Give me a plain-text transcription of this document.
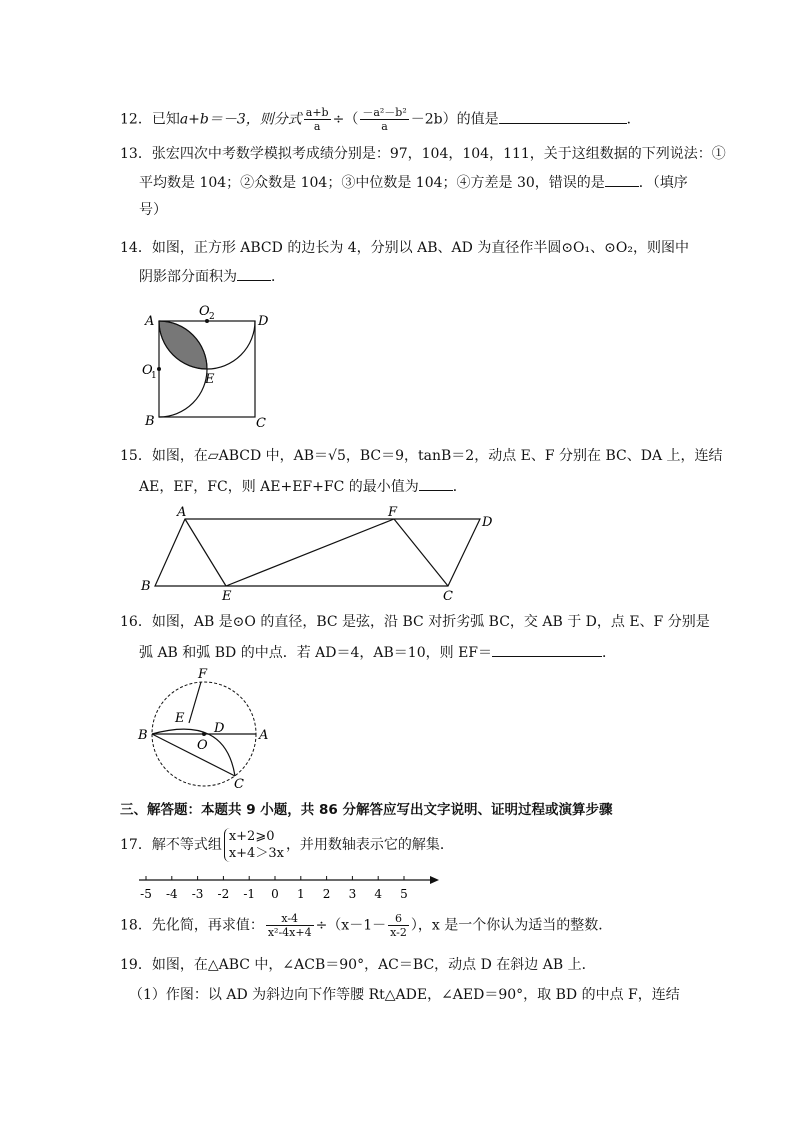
12．已知a+b＝－3，则分式 $\frac{a+b}{a}$ ÷（ $\frac{\text{－a²－b²}}{a} -2b$）的值是	．
13．张宏四次中考数学模拟考成绩分别是：97，104，104，111，关于这组数据的下列说法：①
平均数是 104；②众数是 104；③中位数是 104；④方差是 30，错误的是 ．（填序
号）
14．如图，正方形 ABCD 的边长为 4，分别以 AB、AD 为直径作半圆⊙O₁、⊙O₂，则图中
阴影部分面积为 ．
A	D
B	C
E
O
1
O 2
15．如图，在▱ABCD 中，AB＝√5，BC＝9，tanB＝2，动点 E、F 分别在 BC、DA 上，连结
AE，EF，FC，则 AE+EF+FC 的最小值为 ．
A	F
D
B
E	C
16．如图，AB 是⊙O 的直径，BC 是弦，沿 BC 对折劣弧 BC，交 AB 于 D，点 E、F 分别是
弧 AB 和弧 BD 的中点．若 AD＝4，AB＝10，则 EF＝	．
F
E
D
O
B	A
C
三、解答题：本题共 9 小题，共 86 分解答应写出文字说明、证明过程或演算步骤
17．解不等式组
x+2⩾0
x+4＞3x
，并用数轴表示它的解集．
-5 -4 -3 -2 -1 0 1 2 3 4 5
18．先化简，再求值： $\frac{x-4}{\text{x²-4x+4}} \div(x-1- \frac{6}{x-2}$ ），x 是一个你认为适当的整数．
19．如图，在△ABC 中，∠ACB＝90°，AC＝BC，动点 D 在斜边 AB 上．
（1）作图：以 AD 为斜边向下作等腰 Rt△ADE，∠AED＝90°，取 BD 的中点 F，连结
